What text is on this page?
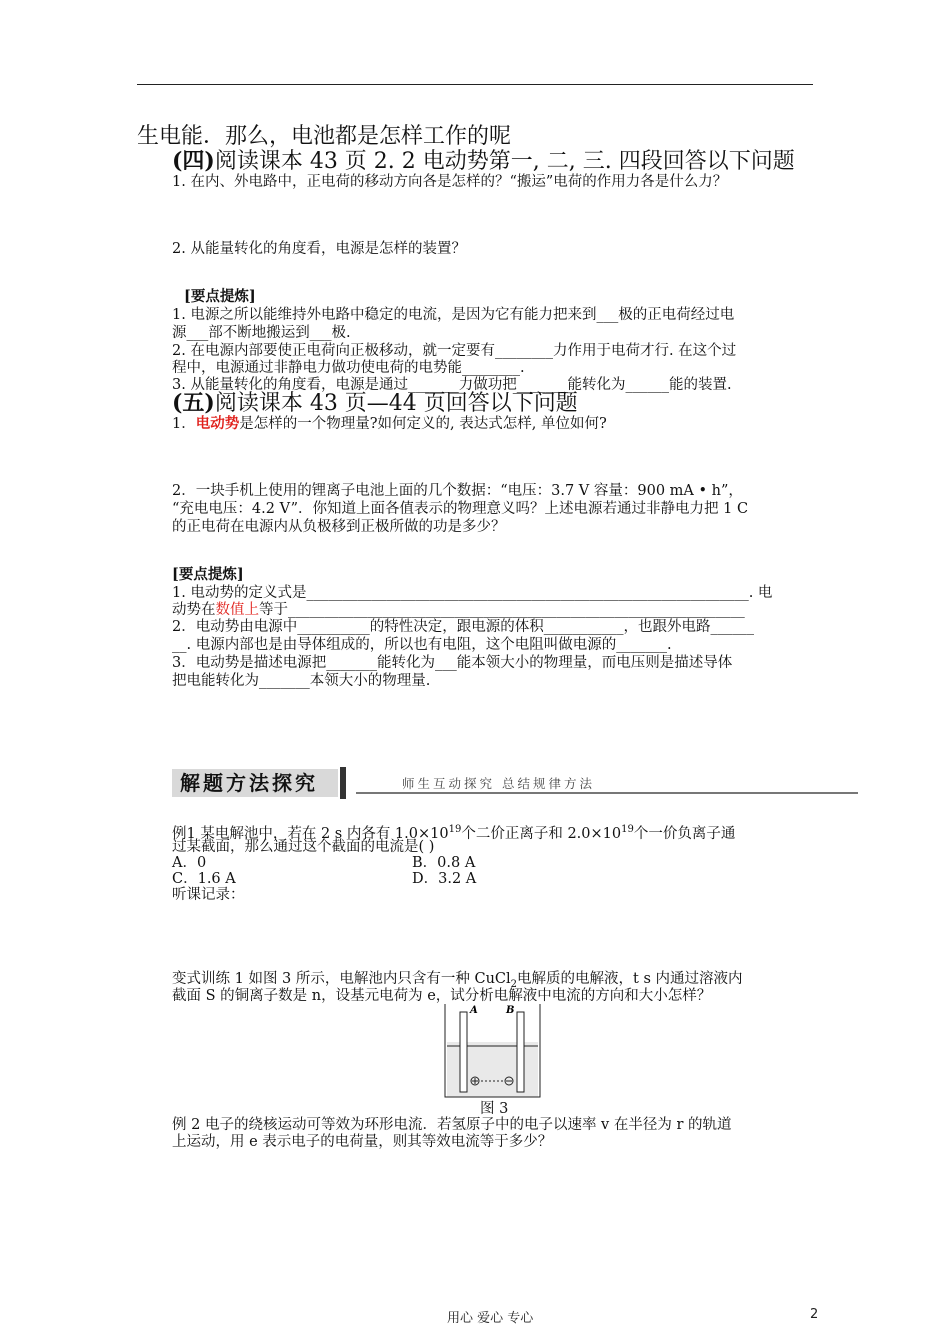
生电能．那么，电池都是怎样工作的呢
(四)阅读课本 43 页 2. 2 电动势第一, 二, 三. 四段回答以下问题
1. 在内、外电路中，正电荷的移动方向各是怎样的？“搬运”电荷的作用力各是什么力？
2. 从能量转化的角度看，电源是怎样的装置？
[要点提炼]
1. 电源之所以能维持外电路中稳定的电流，是因为它有能力把来到___极的正电荷经过电
源___部不断地搬运到___极.
2. 在电源内部要使正电荷向正极移动，就一定要有________力作用于电荷才行. 在这个过
程中，电源通过非静电力做功使电荷的电势能________.
3. 从能量转化的角度看，电源是通过_______力做功把_______能转化为______能的装置.
(五)阅读课本 43 页—44 页回答以下问题
1．电动势是怎样的一个物理量?如何定义的, 表达式怎样, 单位如何?
2．一块手机上使用的锂离子电池上面的几个数据：“电压：3.7 V 容量：900 mA • h”，
“充电电压：4.2 V”．你知道上面各值表示的物理意义吗？上述电源若通过非静电力把 1 C
的正电荷在电源内从负极移到正极所做的功是多少？
[要点提炼]
1. 电动势的定义式是_____________________________________________________________. 电
动势在数值上等于_______________________________________________________________
2．电动势由电源中__________的特性决定，跟电源的体积___________，也跟外电路______
__. 电源内部也是由导体组成的，所以也有电阻，这个电阻叫做电源的_______.
3．电动势是描述电源把_______能转化为___能本领大小的物理量，而电压则是描述导体
把电能转化为_______本领大小的物理量.
解题方法探究	师生互动探究 总结规律方法
例1 某电解池中，若在 2 s 内各有 $1.0\times 10^{19}$个二价正离子和 $2.0\times 10^{19}$个一价负离子通
过某截面，那么通过这个截面的电流是( )
A．0	B．0.8 A
C．1.6 A	D．3.2 A
听课记录：
变式训练 1 如图 3 所示，电解池内只含有一种 CuCl$_2$电解质的电解液，t s 内通过溶液内
截面 S 的铜离子数是 n，设基元电荷为 e，试分析电解液中电流的方向和大小怎样？
A	B
图 3
例 2 电子的绕核运动可等效为环形电流．若氢原子中的电子以速率 v 在半径为 r 的轨道
上运动，用 e 表示电子的电荷量，则其等效电流等于多少？
用心 爱心 专心	2
